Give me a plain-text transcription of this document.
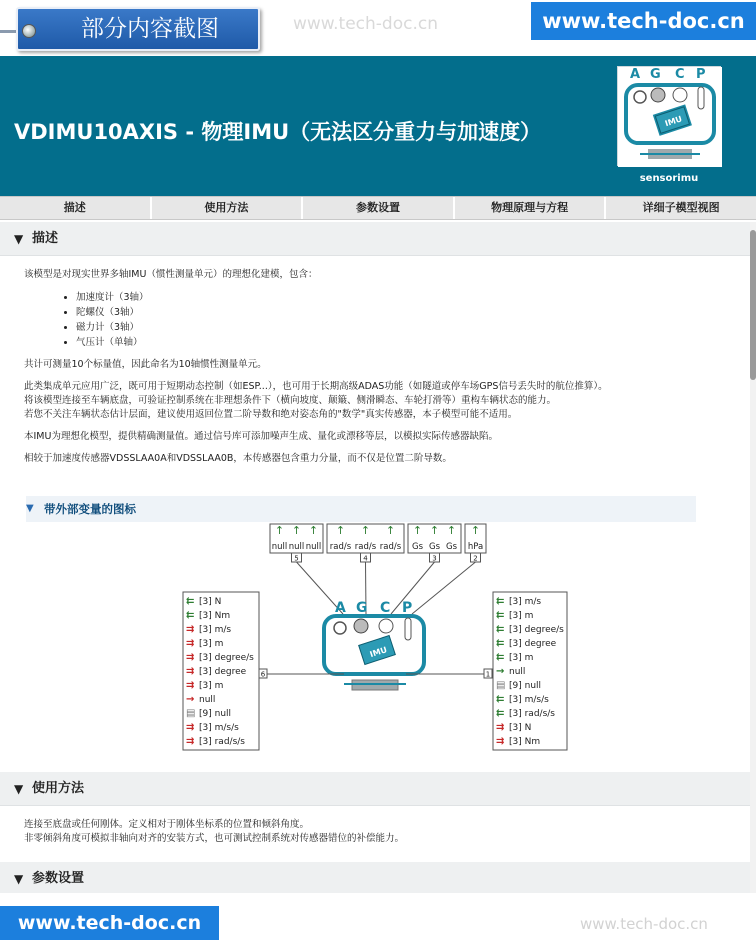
部分内容截图	www.tech-doc.cn	www.tech-doc.cn
VDIMU10AXIS - 物理IMU（无法区分重力与加速度）
A G C P
IMU
sensorimu
描述	使用方法	参数设置	物理原理与方程	详细子模型视图
▼ 描述

该模型是对现实世界多轴IMU（惯性测量单元）的理想化建模，包含：

• 加速度计（3轴）
• 陀螺仪（3轴）
• 磁力计（3轴）
• 气压计（单轴）

共计可测量10个标量值，因此命名为10轴惯性测量单元。

此类集成单元应用广泛，既可用于短期动态控制（如ESP...），也可用于长期高级ADAS功能（如隧道或停车场GPS信号丢失时的航位推算）。

将该模型连接至车辆底盘，可验证控制系统在非理想条件下（横向坡度、颠簸、侧滑瞬态、车轮打滑等）重构车辆状态的能力。

若您不关注车辆状态估计层面，建议使用返回位置二阶导数和绝对姿态角的"数学"真实传感器，本子模型可能不适用。

本IMU为理想化模型，提供精确测量值。通过信号库可添加噪声生成、量化或漂移等层，以模拟实际传感器缺陷。

相较于加速度传感器VDSSLAA0A和VDSSLAA0B，本传感器包含重力分量，而不仅是位置二阶导数。

▼ 带外部变量的图标
↑
null
↑
null
↑
null
5
↑
rad/s
↑
rad/s
↑
rad/s
4
↑
Gs
↑
Gs
↑
Gs
3
↑
hPa
2
A G C P
IMU
⇇ [3] N
⇇ [3] Nm
⇉ [3] m/s
⇉ [3] m
⇉ [3] degree/s
⇉ [3] degree
⇉ [3] m
→ null
▤ [9] null
⇉ [3] m/s/s
⇉ [3] rad/s/s
⇇ [3] m/s
⇇ [3] m
⇇ [3] degree/s
⇇ [3] degree
⇇ [3] m
→ null
▤ [9] null
⇇ [3] m/s/s
⇇ [3] rad/s/s
⇉ [3] N
⇉ [3] Nm
6	1
▼ 使用方法

连接至底盘或任何刚体。定义相对于刚体坐标系的位置和倾斜角度。

非零倾斜角度可模拟非轴向对齐的安装方式，也可测试控制系统对传感器错位的补偿能力。

▼ 参数设置
www.tech-doc.cn	www.tech-doc.cn
